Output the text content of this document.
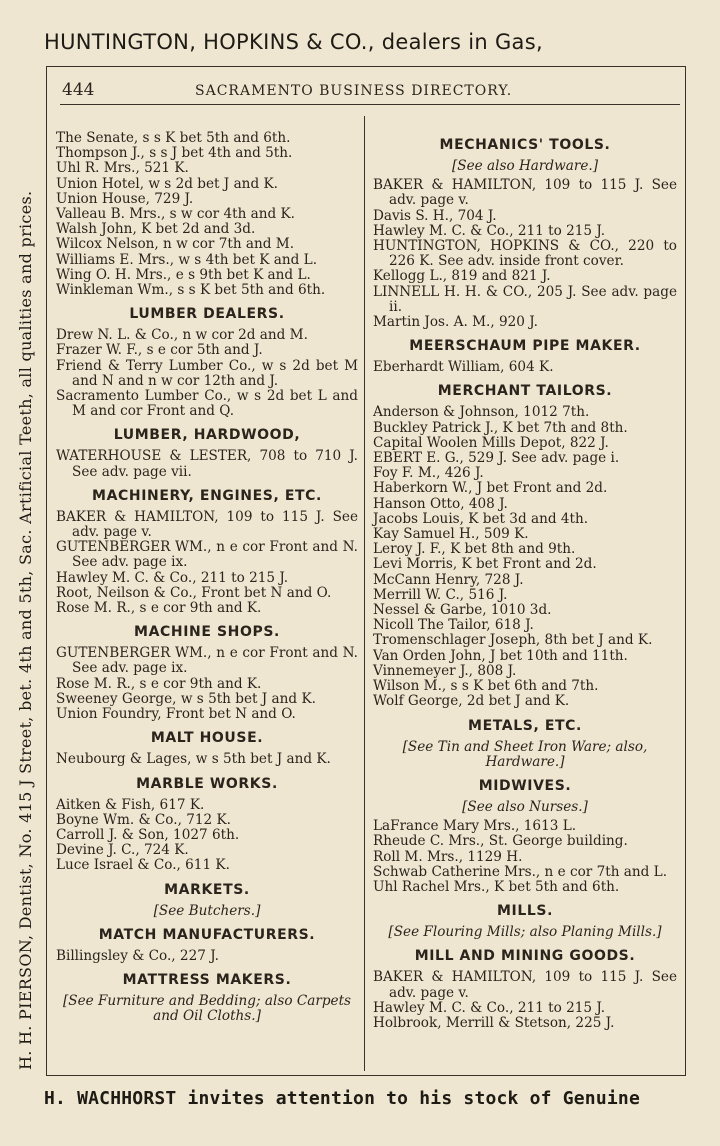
HUNTINGTON, HOPKINS & CO., dealers in Gas,
H. H. PIERSON, Dentist, No. 415 J Street, bet. 4th and 5th, Sac. Artificial Teeth, all qualities and prices.
H. WACHHORST invites attention to his stock of Genuine
444	SACRAMENTO BUSINESS DIRECTORY.
The Senate, s s K bet 5th and 6th.
Thompson J., s s J bet 4th and 5th.
Uhl R. Mrs., 521 K.
Union Hotel, w s 2d bet J and K.
Union House, 729 J.
Valleau B. Mrs., s w cor 4th and K.
Walsh John, K bet 2d and 3d.
Wilcox Nelson, n w cor 7th and M.
Williams E. Mrs., w s 4th bet K and L.
Wing O. H. Mrs., e s 9th bet K and L.
Winkleman Wm., s s K bet 5th and 6th.
LUMBER DEALERS.
Drew N. L. & Co., n w cor 2d and M.
Frazer W. F., s e cor 5th and J.
Friend & Terry Lumber Co., w s 2d bet M and N and n w cor 12th and J.
Sacramento Lumber Co., w s 2d bet L and M and cor Front and Q.
LUMBER, HARDWOOD,
WATERHOUSE & LESTER, 708 to 710 J. See adv. page vii.
MACHINERY, ENGINES, ETC.
BAKER & HAMILTON, 109 to 115 J. See adv. page v.
GUTENBERGER WM., n e cor Front and N. See adv. page ix.
Hawley M. C. & Co., 211 to 215 J.
Root, Neilson & Co., Front bet N and O.
Rose M. R., s e cor 9th and K.
MACHINE SHOPS.
GUTENBERGER WM., n e cor Front and N. See adv. page ix.
Rose M. R., s e cor 9th and K.
Sweeney George, w s 5th bet J and K.
Union Foundry, Front bet N and O.
MALT HOUSE.
Neubourg & Lages, w s 5th bet J and K.
MARBLE WORKS.
Aitken & Fish, 617 K.
Boyne Wm. & Co., 712 K.
Carroll J. & Son, 1027 6th.
Devine J. C., 724 K.
Luce Israel & Co., 611 K.
MARKETS.
[See Butchers.]
MATCH MANUFACTURERS.
Billingsley & Co., 227 J.
MATTRESS MAKERS.
[See Furniture and Bedding; also Carpets and Oil Cloths.]
MECHANICS' TOOLS.
[See also Hardware.]
BAKER & HAMILTON, 109 to 115 J. See adv. page v.
Davis S. H., 704 J.
Hawley M. C. & Co., 211 to 215 J.
HUNTINGTON, HOPKINS & CO., 220 to 226 K. See adv. inside front cover.
Kellogg L., 819 and 821 J.
LINNELL H. H. & CO., 205 J. See adv. page ii.
Martin Jos. A. M., 920 J.
MEERSCHAUM PIPE MAKER.
Eberhardt William, 604 K.
MERCHANT TAILORS.
Anderson & Johnson, 1012 7th.
Buckley Patrick J., K bet 7th and 8th.
Capital Woolen Mills Depot, 822 J.
EBERT E. G., 529 J. See adv. page i.
Foy F. M., 426 J.
Haberkorn W., J bet Front and 2d.
Hanson Otto, 408 J.
Jacobs Louis, K bet 3d and 4th.
Kay Samuel H., 509 K.
Leroy J. F., K bet 8th and 9th.
Levi Morris, K bet Front and 2d.
McCann Henry, 728 J.
Merrill W. C., 516 J.
Nessel & Garbe, 1010 3d.
Nicoll The Tailor, 618 J.
Tromenschlager Joseph, 8th bet J and K.
Van Orden John, J bet 10th and 11th.
Vinnemeyer J., 808 J.
Wilson M., s s K bet 6th and 7th.
Wolf George, 2d bet J and K.
METALS, ETC.
[See Tin and Sheet Iron Ware; also, Hardware.]
MIDWIVES.
[See also Nurses.]
LaFrance Mary Mrs., 1613 L.
Rheude C. Mrs., St. George building.
Roll M. Mrs., 1129 H.
Schwab Catherine Mrs., n e cor 7th and L.
Uhl Rachel Mrs., K bet 5th and 6th.
MILLS.
[See Flouring Mills; also Planing Mills.]
MILL AND MINING GOODS.
BAKER & HAMILTON, 109 to 115 J. See adv. page v.
Hawley M. C. & Co., 211 to 215 J.
Holbrook, Merrill & Stetson, 225 J.
